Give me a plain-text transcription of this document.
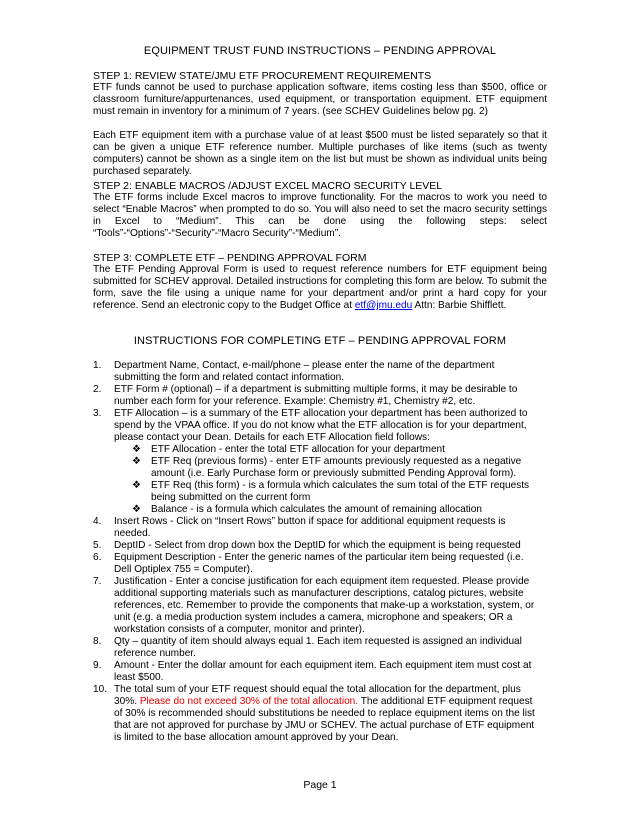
EQUIPMENT TRUST FUND INSTRUCTIONS – PENDING APPROVAL
STEP 1: REVIEW STATE/JMU ETF PROCUREMENT REQUIREMENTS
ETF funds cannot be used to purchase application software, items costing less than $500, office or classroom furniture/appurtenances, used equipment, or transportation equipment. ETF equipment must remain in inventory for a minimum of 7 years. (see SCHEV Guidelines below pg. 2)
Each ETF equipment item with a purchase value of at least $500 must be listed separately so that it can be given a unique ETF reference number. Multiple purchases of like items (such as twenty computers) cannot be shown as a single item on the list but must be shown as individual units being purchased separately.
STEP 2: ENABLE MACROS /ADJUST EXCEL MACRO SECURITY LEVEL
The ETF forms include Excel macros to improve functionality. For the macros to work you need to select “Enable Macros” when prompted to do so. You will also need to set the macro security settings in Excel to “Medium”. This can be done using the following steps: select “Tools”-“Options”-“Security”-“Macro Security”-“Medium”.
STEP 3: COMPLETE ETF – PENDING APPROVAL FORM
The ETF Pending Approval Form is used to request reference numbers for ETF equipment being submitted for SCHEV approval. Detailed instructions for completing this form are below. To submit the form, save the file using a unique name for your department and/or print a hard copy for your reference. Send an electronic copy to the Budget Office at etf@jmu.edu Attn: Barbie Shifflett.
INSTRUCTIONS FOR COMPLETING ETF – PENDING APPROVAL FORM
1. Department Name, Contact, e-mail/phone – please enter the name of the department submitting the form and related contact information.
2. ETF Form # (optional) – if a department is submitting multiple forms, it may be desirable to number each form for your reference. Example: Chemistry #1, Chemistry #2, etc.
3. ETF Allocation – is a summary of the ETF allocation your department has been authorized to spend by the VPAA office. If you do not know what the ETF allocation is for your department, please contact your Dean. Details for each ETF Allocation field follows:
❖ ETF Allocation - enter the total ETF allocation for your department
❖ ETF Req (previous forms) - enter ETF amounts previously requested as a negative amount (i.e. Early Purchase form or previously submitted Pending Approval form).
❖ ETF Req (this form) - is a formula which calculates the sum total of the ETF requests being submitted on the current form
❖ Balance - is a formula which calculates the amount of remaining allocation
4. Insert Rows - Click on “Insert Rows” button if space for additional equipment requests is needed.
5. DeptID - Select from drop down box the DeptID for which the equipment is being requested
6. Equipment Description - Enter the generic names of the particular item being requested (i.e. Dell Optiplex 755 = Computer).
7. Justification - Enter a concise justification for each equipment item requested. Please provide additional supporting materials such as manufacturer descriptions, catalog pictures, website references, etc. Remember to provide the components that make-up a workstation, system, or unit (e.g. a media production system includes a camera, microphone and speakers; OR a workstation consists of a computer, monitor and printer).
8. Qty – quantity of item should always equal 1. Each item requested is assigned an individual reference number.
9. Amount - Enter the dollar amount for each equipment item. Each equipment item must cost at least $500.
10. The total sum of your ETF request should equal the total allocation for the department, plus 30%. Please do not exceed 30% of the total allocation. The additional ETF equipment request of 30% is recommended should substitutions be needed to replace equipment items on the list that are not approved for purchase by JMU or SCHEV. The actual purchase of ETF equipment is limited to the base allocation amount approved by your Dean.
Page 1
